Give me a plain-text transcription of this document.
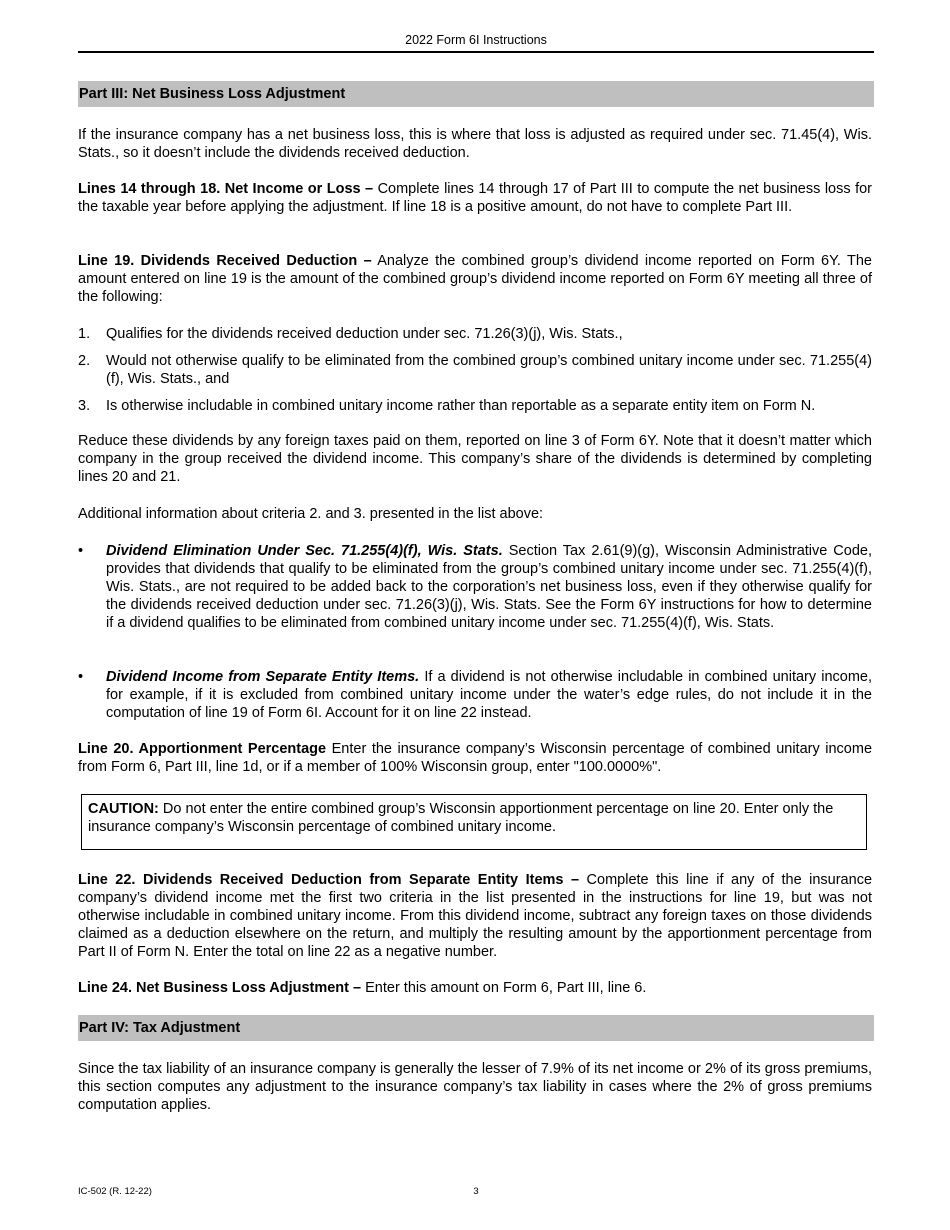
2022 Form 6I Instructions
Part III: Net Business Loss Adjustment

If the insurance company has a net business loss, this is where that loss is adjusted as required under sec. 71.45(4), Wis. Stats., so it doesn’t include the dividends received deduction.

Lines 14 through 18. Net Income or Loss – Complete lines 14 through 17 of Part III to compute the net business loss for the taxable year before applying the adjustment. If line 18 is a positive amount, do not have to complete Part III.

Line 19. Dividends Received Deduction – Analyze the combined group’s dividend income reported on Form 6Y. The amount entered on line 19 is the amount of the combined group’s dividend income reported on Form 6Y meeting all three of the following:

1. Qualifies for the dividends received deduction under sec. 71.26(3)(j), Wis. Stats.,
2. Would not otherwise qualify to be eliminated from the combined group’s combined unitary income under sec. 71.255(4)(f), Wis. Stats., and
3. Is otherwise includable in combined unitary income rather than reportable as a separate entity item on Form N.

Reduce these dividends by any foreign taxes paid on them, reported on line 3 of Form 6Y. Note that it doesn’t matter which company in the group received the dividend income. This company’s share of the dividends is determined by completing lines 20 and 21.

Additional information about criteria 2. and 3. presented in the list above:

• Dividend Elimination Under Sec. 71.255(4)(f), Wis. Stats. Section Tax 2.61(9)(g), Wisconsin Administrative Code, provides that dividends that qualify to be eliminated from the group’s combined unitary income under sec. 71.255(4)(f), Wis. Stats., are not required to be added back to the corporation’s net business loss, even if they otherwise qualify for the dividends received deduction under sec. 71.26(3)(j), Wis. Stats. See the Form 6Y instructions for how to determine if a dividend qualifies to be eliminated from combined unitary income under sec. 71.255(4)(f), Wis. Stats.
• Dividend Income from Separate Entity Items. If a dividend is not otherwise includable in combined unitary income, for example, if it is excluded from combined unitary income under the water’s edge rules, do not include it in the computation of line 19 of Form 6I. Account for it on line 22 instead.

Line 20. Apportionment Percentage Enter the insurance company’s Wisconsin percentage of combined unitary income from Form 6, Part III, line 1d, or if a member of 100% Wisconsin group, enter "100.0000%".

CAUTION: Do not enter the entire combined group’s Wisconsin apportionment percentage on line 20. Enter only the insurance company’s Wisconsin percentage of combined unitary income.

Line 22. Dividends Received Deduction from Separate Entity Items – Complete this line if any of the insurance company’s dividend income met the first two criteria in the list presented in the instructions for line 19, but was not otherwise includable in combined unitary income. From this dividend income, subtract any foreign taxes on those dividends claimed as a deduction elsewhere on the return, and multiply the resulting amount by the apportionment percentage from Part II of Form N. Enter the total on line 22 as a negative number.

Line 24. Net Business Loss Adjustment – Enter this amount on Form 6, Part III, line 6.

Part IV: Tax Adjustment

Since the tax liability of an insurance company is generally the lesser of 7.9% of its net income or 2% of its gross premiums, this section computes any adjustment to the insurance company’s tax liability in cases where the 2% of gross premiums computation applies.

IC-502 (R. 12-22)	3
